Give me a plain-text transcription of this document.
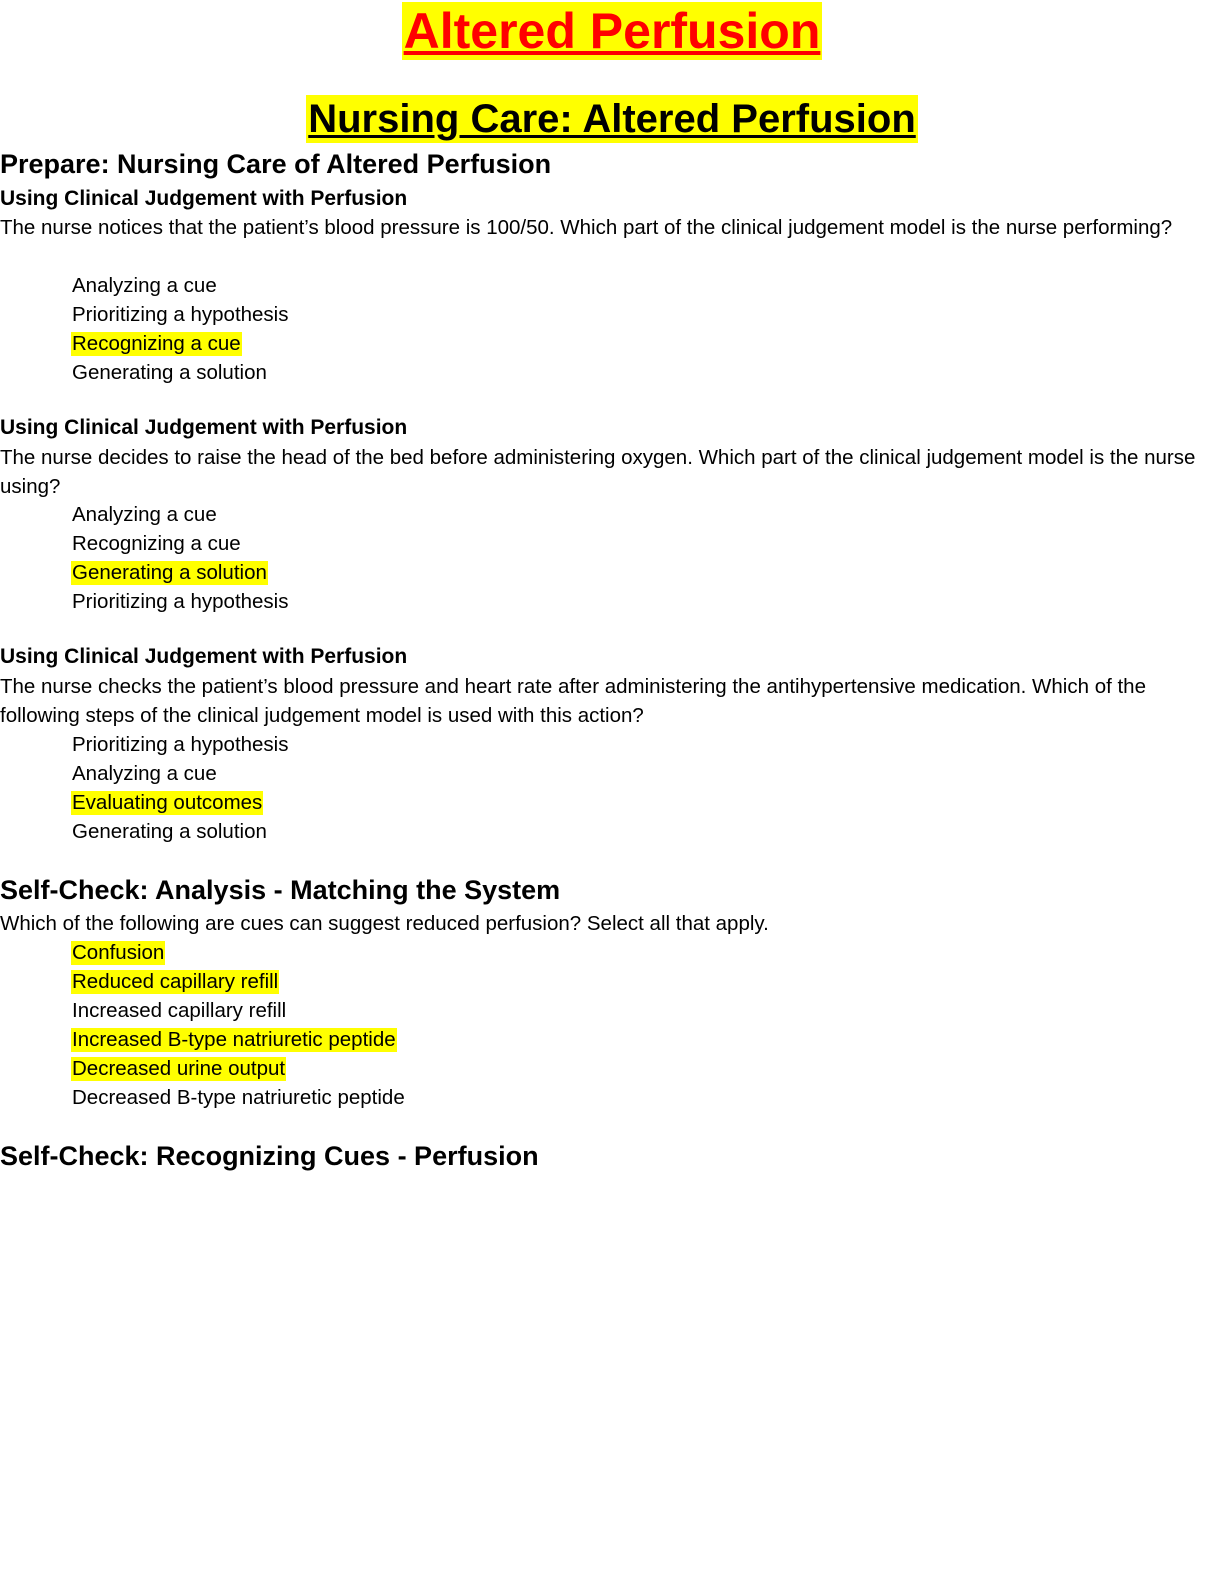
Altered Perfusion
Nursing Care: Altered Perfusion
Prepare: Nursing Care of Altered Perfusion
Using Clinical Judgement with Perfusion
The nurse notices that the patient’s blood pressure is 100/50. Which part of the clinical judgement model is the nurse performing?
Analyzing a cue
Prioritizing a hypothesis
Recognizing a cue
Generating a solution
Using Clinical Judgement with Perfusion
The nurse decides to raise the head of the bed before administering oxygen. Which part of the clinical judgement model is the nurse using?
Analyzing a cue
Recognizing a cue
Generating a solution
Prioritizing a hypothesis
Using Clinical Judgement with Perfusion
The nurse checks the patient’s blood pressure and heart rate after administering the antihypertensive medication. Which of the following steps of the clinical judgement model is used with this action?
Prioritizing a hypothesis
Analyzing a cue
Evaluating outcomes
Generating a solution
Self-Check: Analysis - Matching the System
Which of the following are cues can suggest reduced perfusion? Select all that apply.
Confusion
Reduced capillary refill
Increased capillary refill
Increased B-type natriuretic peptide
Decreased urine output
Decreased B-type natriuretic peptide
Self-Check: Recognizing Cues - Perfusion
